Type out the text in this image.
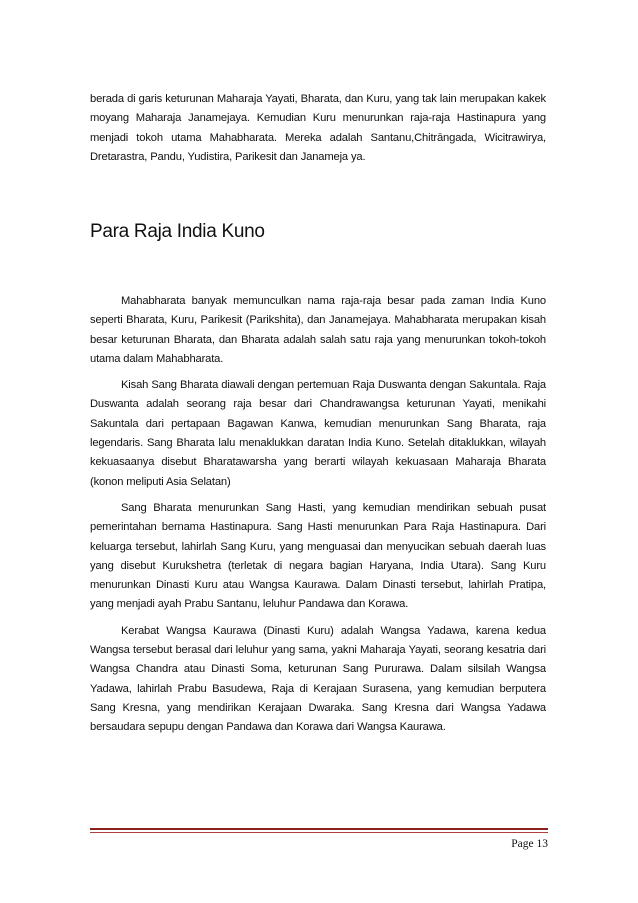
berada di garis keturunan Maharaja Yayati, Bharata, dan Kuru, yang tak lain merupakan kakek moyang Maharaja Janamejaya. Kemudian Kuru menurunkan raja-raja Hastinapura yang menjadi tokoh utama Mahabharata. Mereka adalah Santanu,Chitrāngada, Wicitrawirya, Dretarastra, Pandu, Yudistira, Parikesit dan Janameja ya.

Para Raja India Kuno

Mahabharata banyak memunculkan nama raja-raja besar pada zaman India Kuno seperti Bharata, Kuru, Parikesit (Parikshita), dan Janamejaya. Mahabharata merupakan kisah besar keturunan Bharata, dan Bharata adalah salah satu raja yang menurunkan tokoh-tokoh utama dalam Mahabharata.

Kisah Sang Bharata diawali dengan pertemuan Raja Duswanta dengan Sakuntala. Raja Duswanta adalah seorang raja besar dari Chandrawangsa keturunan Yayati, menikahi Sakuntala dari pertapaan Bagawan Kanwa, kemudian menurunkan Sang Bharata, raja legendaris. Sang Bharata lalu menaklukkan daratan India Kuno. Setelah ditaklukkan, wilayah kekuasaanya disebut Bharatawarsha yang berarti wilayah kekuasaan Maharaja Bharata (konon meliputi Asia Selatan)

Sang Bharata menurunkan Sang Hasti, yang kemudian mendirikan sebuah pusat pemerintahan bernama Hastinapura. Sang Hasti menurunkan Para Raja Hastinapura. Dari keluarga tersebut, lahirlah Sang Kuru, yang menguasai dan menyucikan sebuah daerah luas yang disebut Kurukshetra (terletak di negara bagian Haryana, India Utara). Sang Kuru menurunkan Dinasti Kuru atau Wangsa Kaurawa. Dalam Dinasti tersebut, lahirlah Pratipa, yang menjadi ayah Prabu Santanu, leluhur Pandawa dan Korawa.

Kerabat Wangsa Kaurawa (Dinasti Kuru) adalah Wangsa Yadawa, karena kedua Wangsa tersebut berasal dari leluhur yang sama, yakni Maharaja Yayati, seorang kesatria dari Wangsa Chandra atau Dinasti Soma, keturunan Sang Pururawa. Dalam silsilah Wangsa Yadawa, lahirlah Prabu Basudewa, Raja di Kerajaan Surasena, yang kemudian berputera Sang Kresna, yang mendirikan Kerajaan Dwaraka. Sang Kresna dari Wangsa Yadawa bersaudara sepupu dengan Pandawa dan Korawa dari Wangsa Kaurawa.

Page 13
